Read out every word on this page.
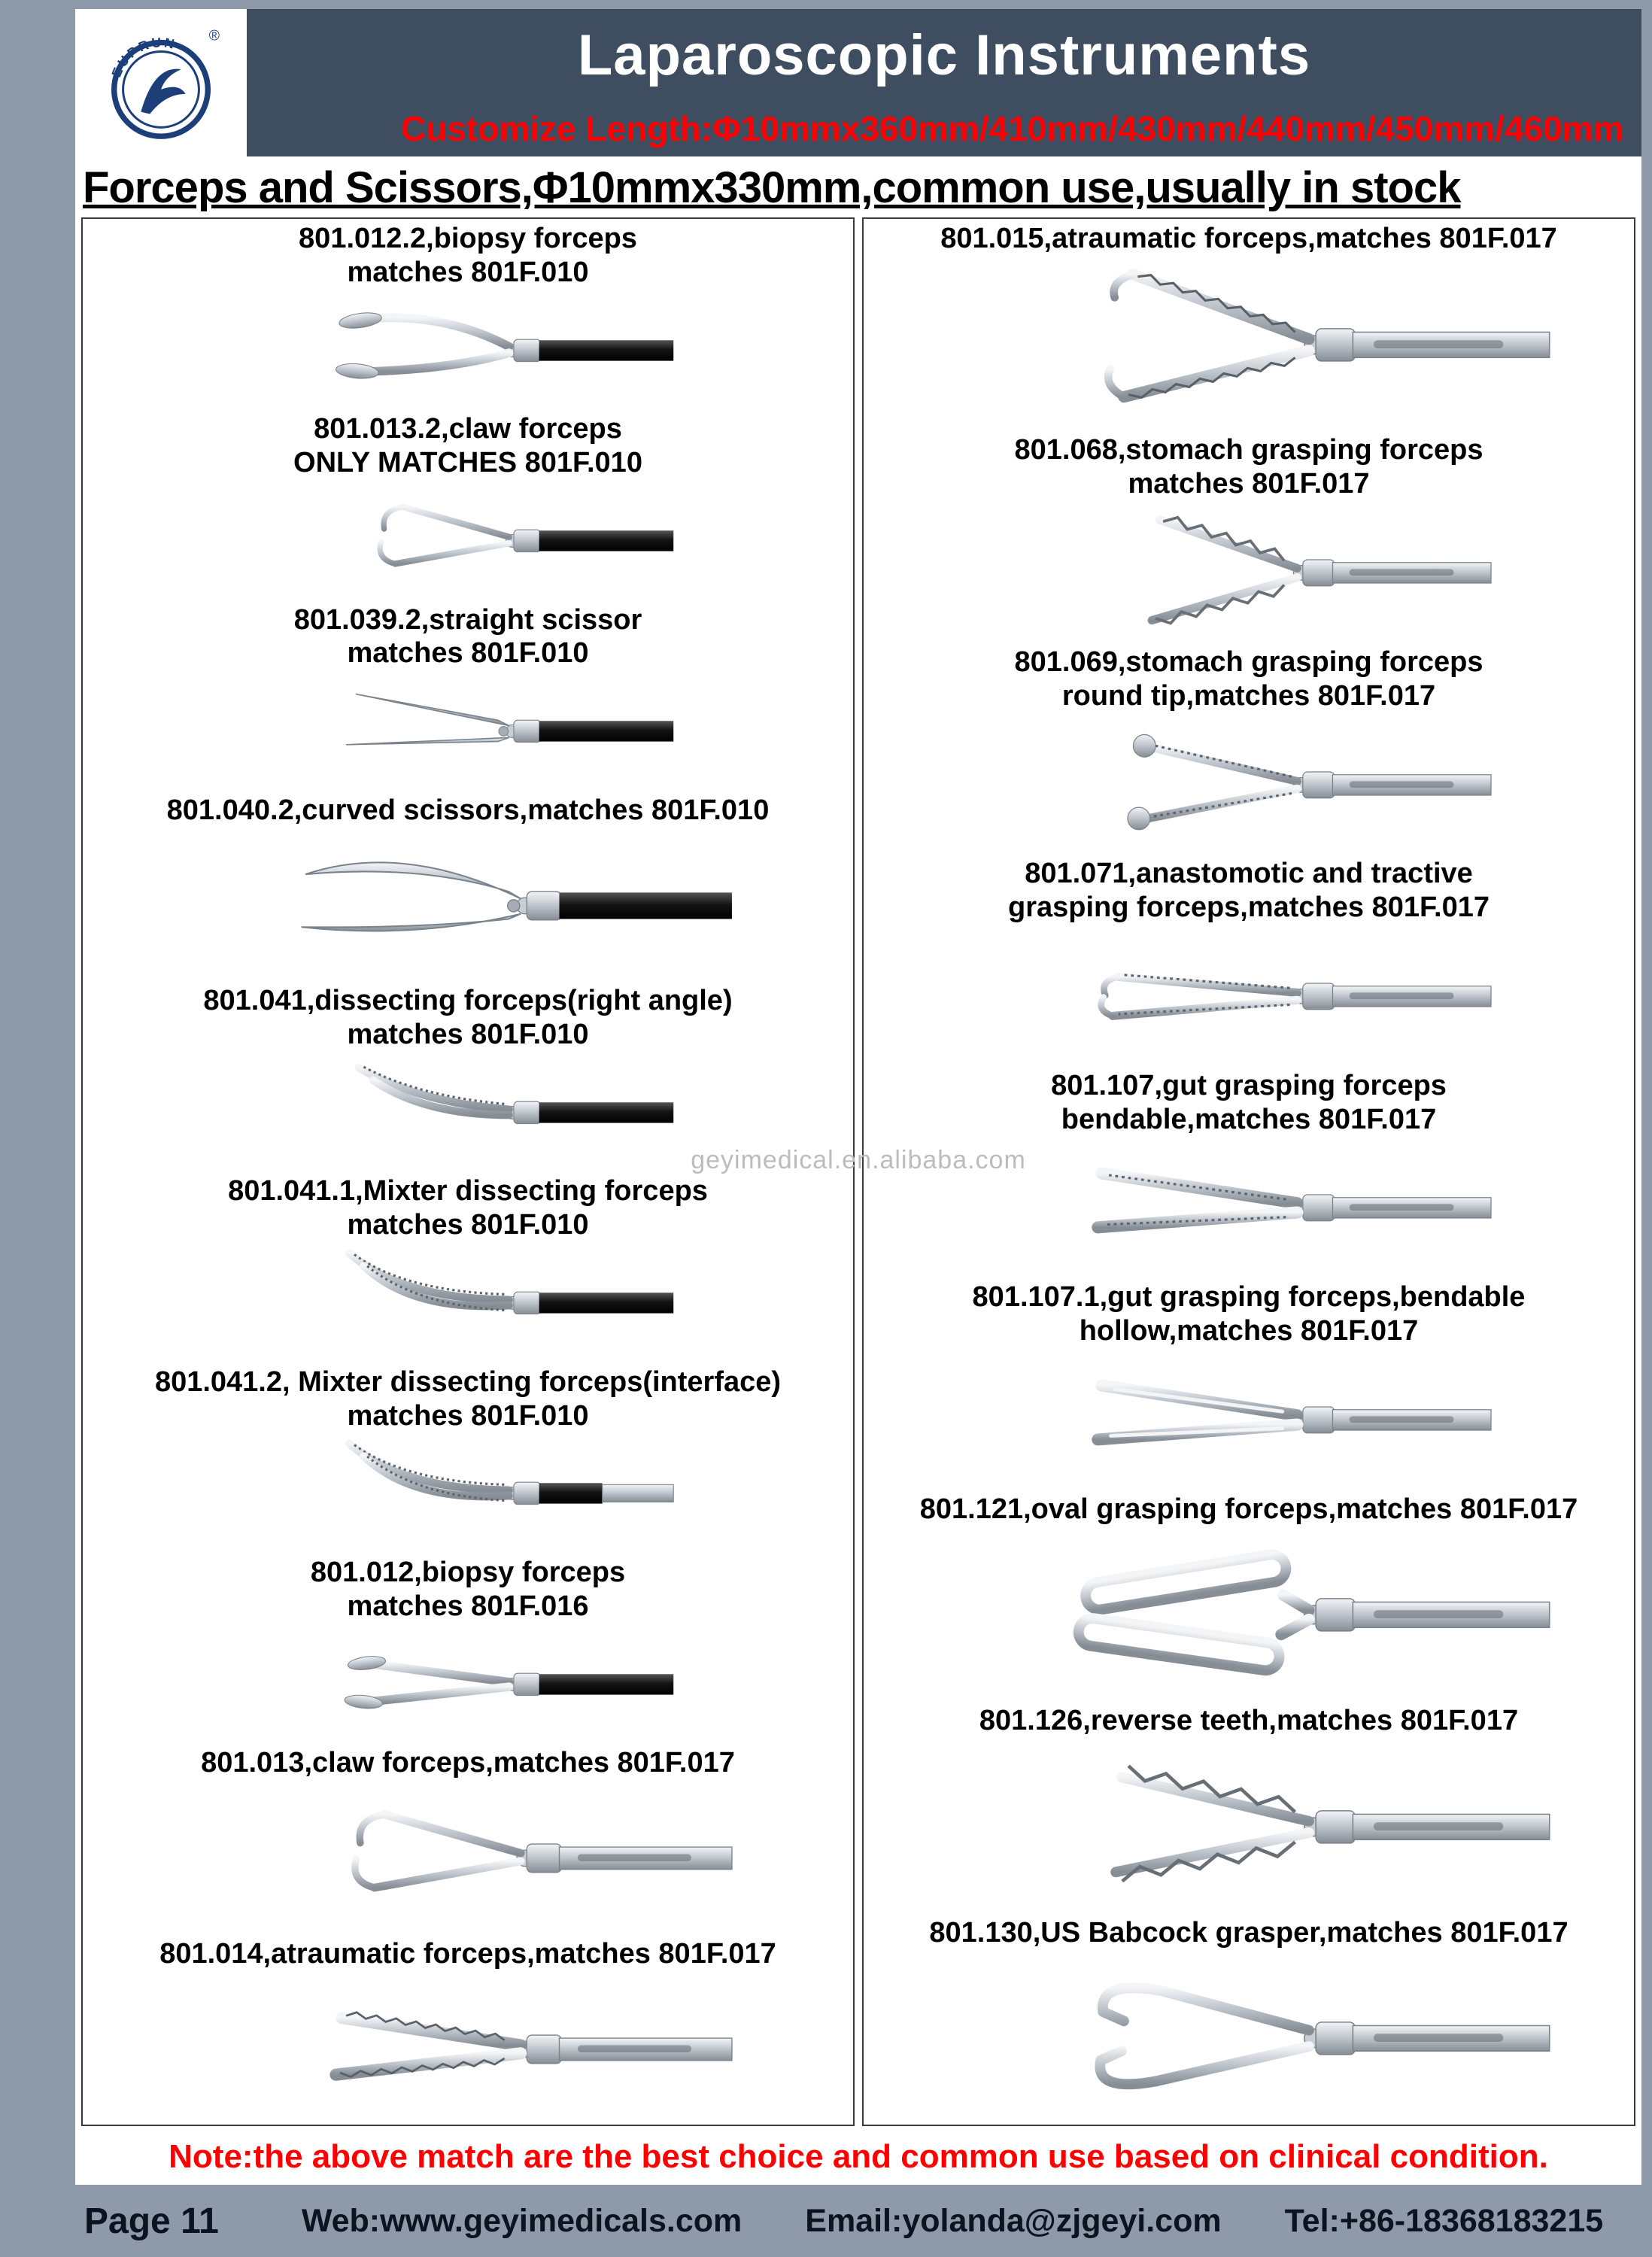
EUPRUN	®	Laparoscopic Instruments
Customize Length:Φ10mmx360mm/410mm/430mm/440mm/450mm/460mm
Forceps and Scissors,Φ10mmx330mm,common use,usually in stock
801.012.2,biopsy forceps
matches 801F.010
801.013.2,claw forceps
ONLY MATCHES 801F.010
801.039.2,straight scissor
matches 801F.010
801.040.2,curved scissors,matches 801F.010
801.041,dissecting forceps(right angle)
matches 801F.010
801.041.1,Mixter dissecting forceps
matches 801F.010
801.041.2, Mixter dissecting forceps(interface)
matches 801F.010
801.012,biopsy forceps
matches 801F.016
801.013,claw forceps,matches 801F.017
801.014,atraumatic forceps,matches 801F.017
801.015,atraumatic forceps,matches 801F.017
801.068,stomach grasping forceps
matches 801F.017
801.069,stomach grasping forceps
round tip,matches 801F.017
801.071,anastomotic and tractive
grasping forceps,matches 801F.017
801.107,gut grasping forceps
bendable,matches 801F.017
801.107.1,gut grasping forceps,bendable
hollow,matches 801F.017
801.121,oval grasping forceps,matches 801F.017
801.126,reverse teeth,matches 801F.017
801.130,US Babcock grasper,matches 801F.017
geyimedical.en.alibaba.com
Note:the above match are the best choice and common use based on clinical condition.
Page 11	Web:www.geyimedicals.com Email:yolanda@zjgeyi.com Tel:+86-18368183215
